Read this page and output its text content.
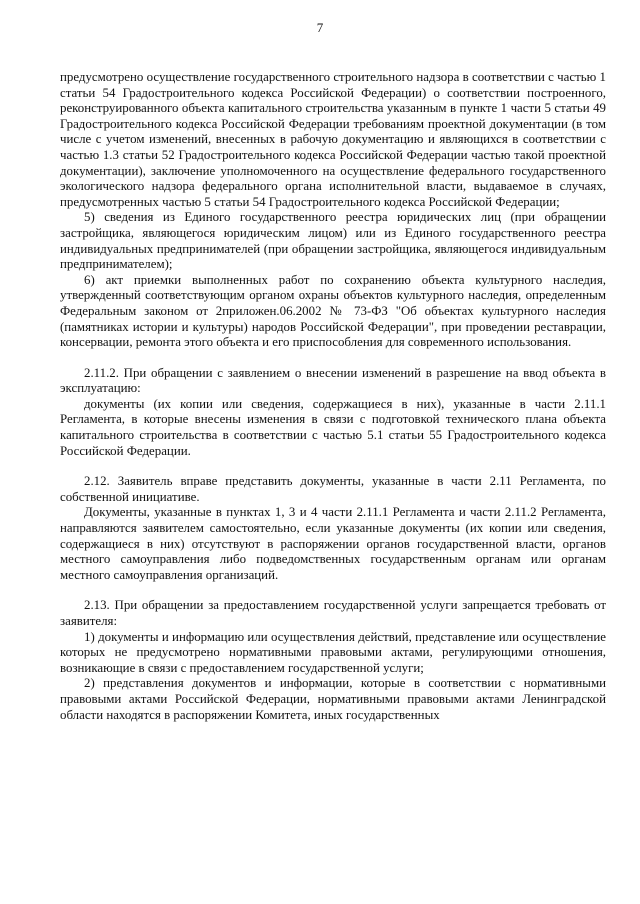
7

предусмотрено осуществление государственного строительного надзора в соответствии с частью 1 статьи 54 Градостроительного кодекса Российской Федерации) о соответствии построенного, реконструированного объекта капитального строительства указанным в пункте 1 части 5 статьи 49 Градостроительного кодекса Российской Федерации требованиям проектной документации (в том числе с учетом изменений, внесенных в рабочую документацию и являющихся в соответствии с частью 1.3 статьи 52 Градостроительного кодекса Российской Федерации частью такой проектной документации), заключение уполномоченного на осуществление федерального государственного экологического надзора федерального органа исполнительной власти, выдаваемое в случаях, предусмотренных частью 5 статьи 54 Градостроительного кодекса Российской Федерации;

5) сведения из Единого государственного реестра юридических лиц (при обращении застройщика, являющегося юридическим лицом) или из Единого государственного реестра индивидуальных предпринимателей (при обращении застройщика, являющегося индивидуальным предпринимателем);

6) акт приемки выполненных работ по сохранению объекта культурного наследия, утвержденный соответствующим органом охраны объектов культурного наследия, определенным Федеральным законом от 2приложен.06.2002 № 73-ФЗ "Об объектах культурного наследия (памятниках истории и культуры) народов Российской Федерации", при проведении реставрации, консервации, ремонта этого объекта и его приспособления для современного использования.

2.11.2. При обращении с заявлением о внесении изменений в разрешение на ввод объекта в эксплуатацию:

документы (их копии или сведения, содержащиеся в них), указанные в части 2.11.1 Регламента, в которые внесены изменения в связи с подготовкой технического плана объекта капитального строительства в соответствии с частью 5.1 статьи 55 Градостроительного кодекса Российской Федерации.

2.12. Заявитель вправе представить документы, указанные в части 2.11 Регламента, по собственной инициативе.

Документы, указанные в пунктах 1, 3 и 4 части 2.11.1 Регламента и части 2.11.2 Регламента, направляются заявителем самостоятельно, если указанные документы (их копии или сведения, содержащиеся в них) отсутствуют в распоряжении органов государственной власти, органов местного самоуправления либо подведомственных государственным органам или органам местного самоуправления организаций.

2.13. При обращении за предоставлением государственной услуги запрещается требовать от заявителя:

1) документы и информацию или осуществления действий, представление или осуществление которых не предусмотрено нормативными правовыми актами, регулирующими отношения, возникающие в связи с предоставлением государственной услуги;

2) представления документов и информации, которые в соответствии с нормативными правовыми актами Российской Федерации, нормативными правовыми актами Ленинградской области находятся в распоряжении Комитета, иных государственных
